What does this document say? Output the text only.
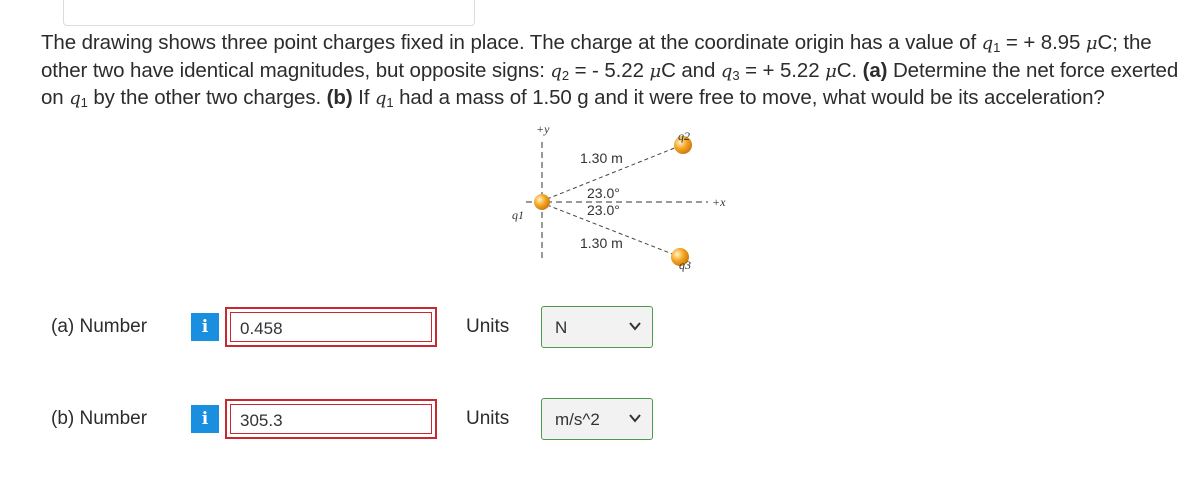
The drawing shows three point charges fixed in place. The charge at the coordinate origin has a value of $q_1$ = + 8.95 μC; the other two have identical magnitudes, but opposite signs: $q_2$ = - 5.22 μC and $q_3$ = + 5.22 μC. (a) Determine the net force exerted on $q_1$ by the other two charges. (b) If $q_1$ had a mass of 1.50 g and it were free to move, what would be its acceleration?
+y
+x
q1
q2
q3
1.30 m
23.0°
23.0°
1.30 m
(a) Number	i	0.458	Units	N
(b) Number	i	305.3	Units	m/s^2
